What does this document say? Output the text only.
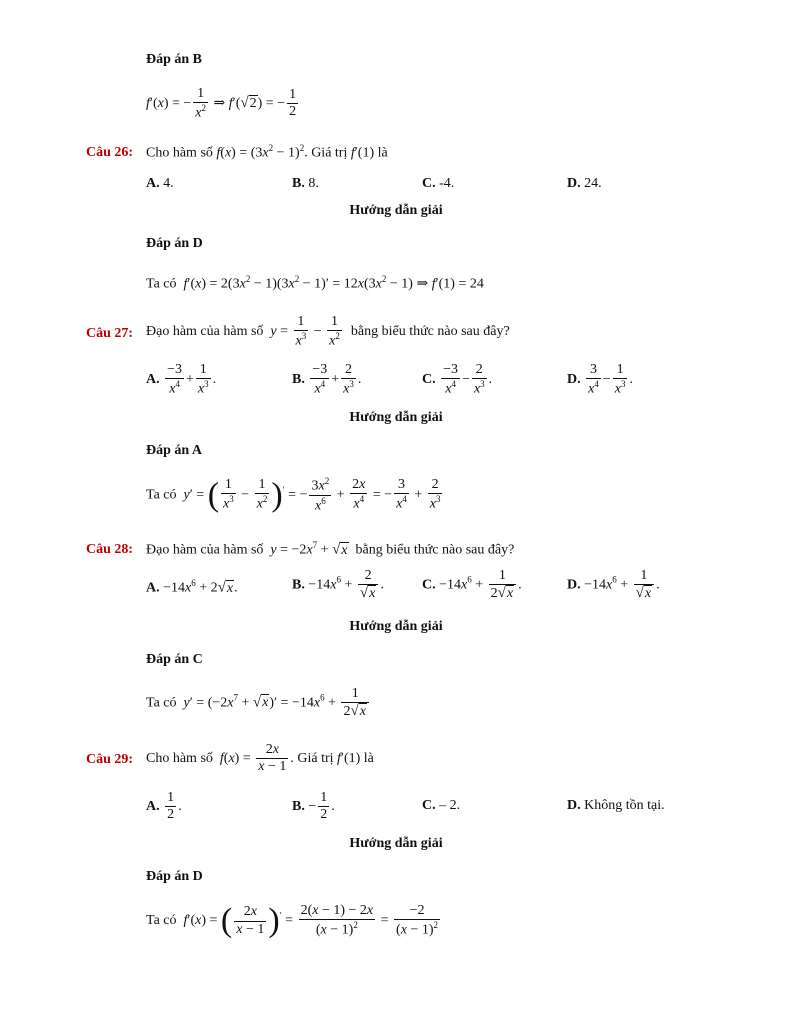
Đáp án B
f′(x) = − $\frac{1}{x^2}$ ⇒ f′(√2) = − $\frac{1}{2}$
Câu 26: Cho hàm số $f(x) = (3x^2 - 1)^2$. Giá trị f′(1) là
A. 4.	B. 8.	C. -4.	D. 24.
Hướng dẫn giải
Đáp án D
Ta có $f'(x) = 2(3x^2 - 1)(3x^2 - 1)' = 12x(3x^2 - 1)$ ⇒ f′(1) = 24
Câu 27: Đạo hàm của hàm số $y = \frac{1}{x^3} - \frac{1}{x^2}$ bằng biểu thức nào sau đây?
A. $\frac{-3}{x^4} + \frac{1}{x^3}$ .	B. $\frac{-3}{x^4} + \frac{2}{x^3}$ .	C. $\frac{-3}{x^4} - \frac{2}{x^3}$ .	D. $\frac{3}{x^4} - \frac{1}{x^3}$ .
Hướng dẫn giải
Đáp án A
Ta có y′ = ( $\frac{1}{x^3} - \frac{1}{x^2} )'$ = − $\frac{3x^2}{x^6} + \frac{2x}{x^4}$ = − $\frac{3}{x^4} + \frac{2}{x^3}$
Câu 28: Đạo hàm của hàm số $y = -2x^7 + √x$ bằng biểu thức nào sau đây?
A. $-14x^6 + 2√x$.	B. $-14x^6 + \frac{2}{√x}$ .	C. $-14x^6 + \frac{1}{2√x}$ .	D. $-14x^6 + \frac{1}{√x}$ .
Hướng dẫn giải
Đáp án C
Ta có $y' = (-2x^7 + √x)' = -14x^6 + \frac{1}{2√x}$
Câu 29: Cho hàm số $f(x) = \frac{2x}{x - 1}$ . Giá trị f′(1) là
A. $\frac{1}{2}$ .	B. − $\frac{1}{2}$ .	C. – 2.	D. Không tồn tại.
Hướng dẫn giải
Đáp án D
Ta có f′(x) = ( $\frac{2x}{x - 1} )' = \frac{2(x - 1) - 2x}{(x - 1)^2} = \frac{-2}{(x - 1)^2}$
